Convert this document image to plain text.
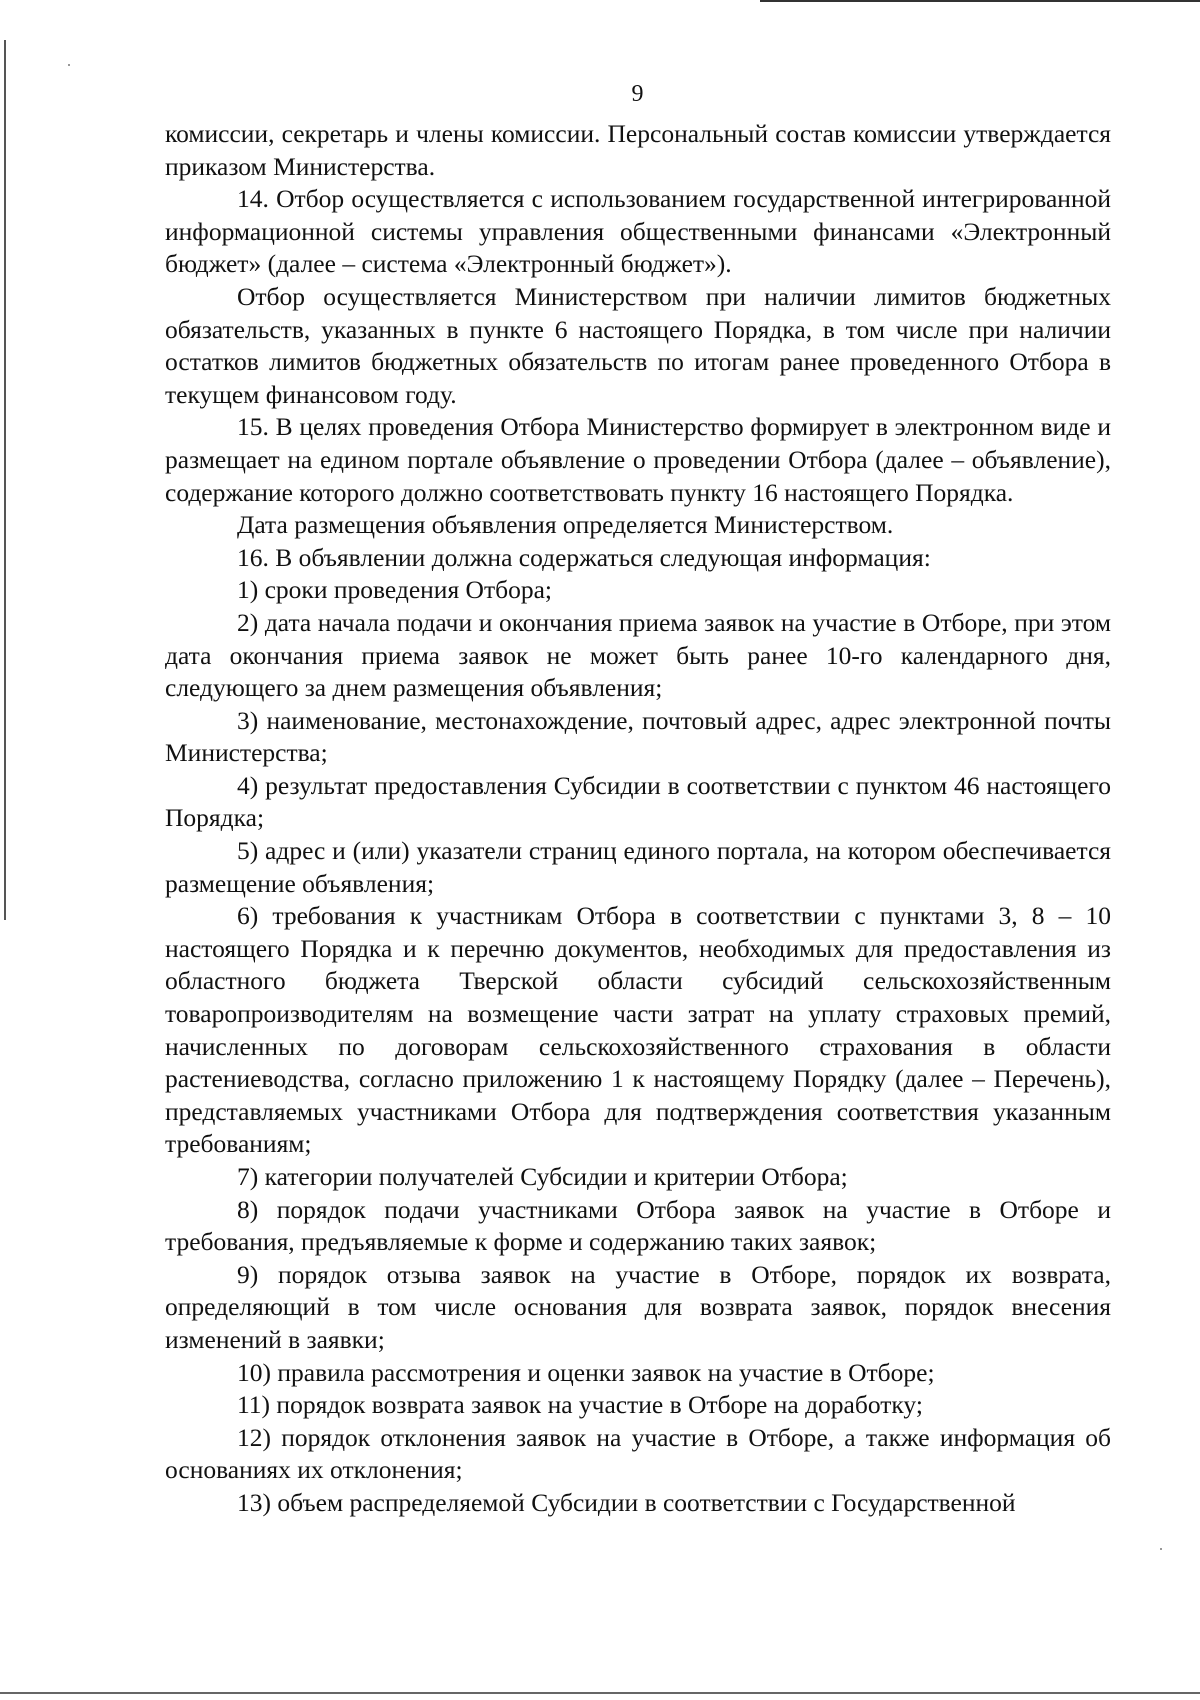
9

комиссии, секретарь и члены комиссии. Персональный состав комиссии утверждается приказом Министерства.

14. Отбор осуществляется с использованием государственной интегрированной информационной системы управления общественными финансами «Электронный бюджет» (далее – система «Электронный бюджет»).

Отбор осуществляется Министерством при наличии лимитов бюджетных обязательств, указанных в пункте 6 настоящего Порядка, в том числе при наличии остатков лимитов бюджетных обязательств по итогам ранее проведенного Отбора в текущем финансовом году.

15. В целях проведения Отбора Министерство формирует в электронном виде и размещает на едином портале объявление о проведении Отбора (далее – объявление), содержание которого должно соответствовать пункту 16 настоящего Порядка.

Дата размещения объявления определяется Министерством.

16. В объявлении должна содержаться следующая информация:

1) сроки проведения Отбора;

2) дата начала подачи и окончания приема заявок на участие в Отборе, при этом дата окончания приема заявок не может быть ранее 10-го календарного дня, следующего за днем размещения объявления;

3) наименование, местонахождение, почтовый адрес, адрес электронной почты Министерства;

4) результат предоставления Субсидии в соответствии с пунктом 46 настоящего Порядка;

5) адрес и (или) указатели страниц единого портала, на котором обеспечивается размещение объявления;

6) требования к участникам Отбора в соответствии с пунктами 3, 8 – 10 настоящего Порядка и к перечню документов, необходимых для предоставления из областного бюджета Тверской области субсидий сельскохозяйственным товаропроизводителям на возмещение части затрат на уплату страховых премий, начисленных по договорам сельскохозяйственного страхования в области растениеводства, согласно приложению 1 к настоящему Порядку (далее – Перечень), представляемых участниками Отбора для подтверждения соответствия указанным требованиям;

7) категории получателей Субсидии и критерии Отбора;

8) порядок подачи участниками Отбора заявок на участие в Отборе и требования, предъявляемые к форме и содержанию таких заявок;

9) порядок отзыва заявок на участие в Отборе, порядок их возврата, определяющий в том числе основания для возврата заявок, порядок внесения изменений в заявки;

10) правила рассмотрения и оценки заявок на участие в Отборе;

11) порядок возврата заявок на участие в Отборе на доработку;

12) порядок отклонения заявок на участие в Отборе, а также информация об основаниях их отклонения;

13) объем распределяемой Субсидии в соответствии с Государственной
